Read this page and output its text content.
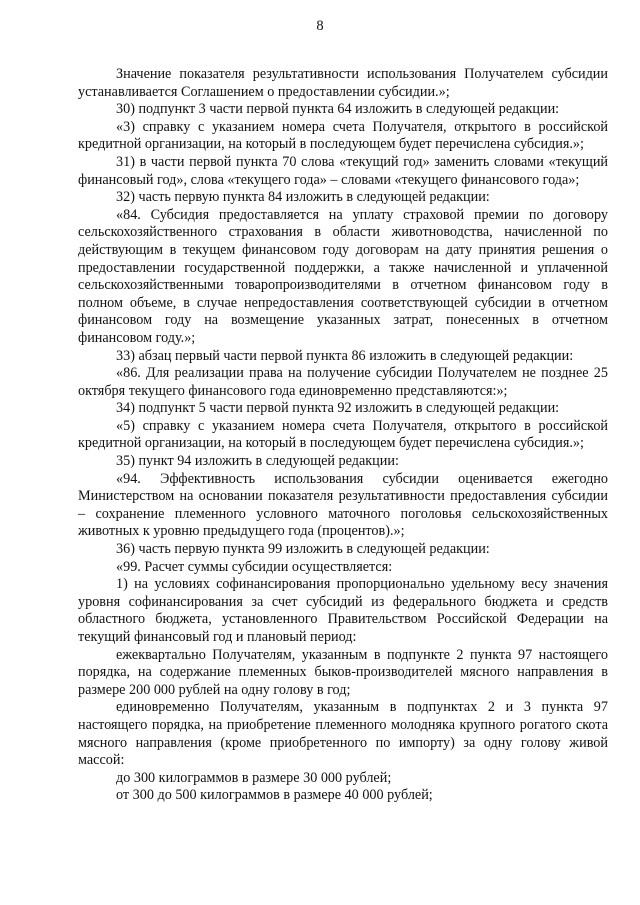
8

Значение показателя результативности использования Получателем субсидии устанавливается Соглашением о предоставлении субсидии.»;

30) подпункт 3 части первой пункта 64 изложить в следующей редакции:

«3) справку с указанием номера счета Получателя, открытого в российской кредитной организации, на который в последующем будет перечислена субсидия.»;

31) в части первой пункта 70 слова «текущий год» заменить словами «текущий финансовый год», слова «текущего года» – словами «текущего финансового года»;

32) часть первую пункта 84 изложить в следующей редакции:

«84. Субсидия предоставляется на уплату страховой премии по договору сельскохозяйственного страхования в области животноводства, начисленной по действующим в текущем финансовом году договорам на дату принятия решения о предоставлении государственной поддержки, а также начисленной и уплаченной сельскохозяйственными товаропроизводителями в отчетном финансовом году в полном объеме, в случае непредоставления соответствующей субсидии в отчетном финансовом году на возмещение указанных затрат, понесенных в отчетном финансовом году.»;

33) абзац первый части первой пункта 86 изложить в следующей редакции:

«86. Для реализации права на получение субсидии Получателем не позднее 25 октября текущего финансового года единовременно представляются:»;

34) подпункт 5 части первой пункта 92 изложить в следующей редакции:

«5) справку с указанием номера счета Получателя, открытого в российской кредитной организации, на который в последующем будет перечислена субсидия.»;

35) пункт 94 изложить в следующей редакции:

«94. Эффективность использования субсидии оценивается ежегодно Министерством на основании показателя результативности предоставления субсидии – сохранение племенного условного маточного поголовья сельскохозяйственных животных к уровню предыдущего года (процентов).»;

36) часть первую пункта 99 изложить в следующей редакции:

«99. Расчет суммы субсидии осуществляется:

1) на условиях софинансирования пропорционально удельному весу значения уровня софинансирования за счет субсидий из федерального бюджета и средств областного бюджета, установленного Правительством Российской Федерации на текущий финансовый год и плановый период:

ежеквартально Получателям, указанным в подпункте 2 пункта 97 настоящего порядка, на содержание племенных быков-производителей мясного направления в размере 200 000 рублей на одну голову в год;

единовременно Получателям, указанным в подпунктах 2 и 3 пункта 97 настоящего порядка, на приобретение племенного молодняка крупного рогатого скота мясного направления (кроме приобретенного по импорту) за одну голову живой массой:

до 300 килограммов в размере 30 000 рублей;

от 300 до 500 килограммов в размере 40 000 рублей;
